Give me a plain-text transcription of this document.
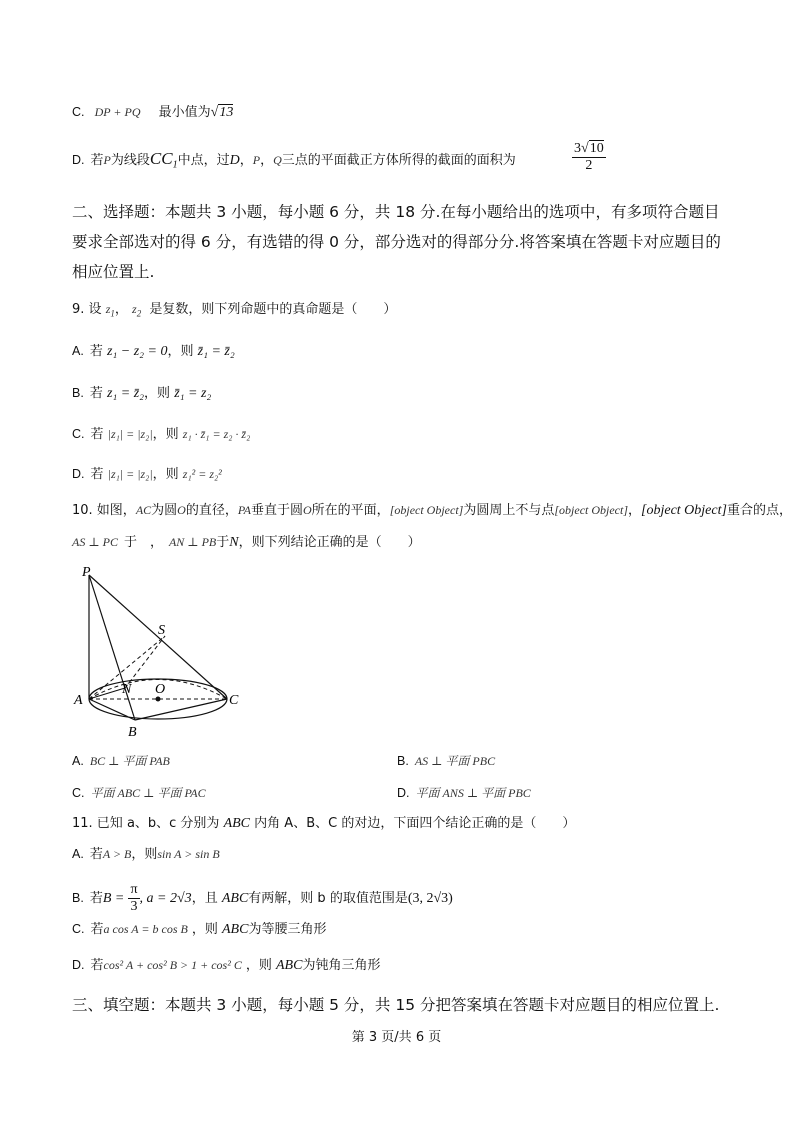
C. DP + PQ 最小值为√13
D. 若P为线段$CC_1$中点，过D，P，Q三点的平面截正方体所得的截面的面积为	$\frac{3√10}{2}$
二、选择题：本题共 3 小题，每小题 6 分，共 18 分.在每小题给出的选项中，有多项符合题目要求全部选对的得 6 分，有选错的得 0 分，部分选对的得部分分.将答案填在答题卡对应题目的相应位置上.
9. 设 $z_1$， $z_2$ 是复数，则下列命题中的真命题是（　　）
A. 若 z₁ − z₂ = 0，则 z̄₁ = z̄₂
B. 若 z₁ = z̄₂，则 z̄₁ = z₂
C. 若 |z₁| = |z₂|，则 z₁ · z̄₁ = z₂ · z̄₂
D. 若 |z₁| = |z₂|，则 z₁² = z₂²
10. 如图，AC为圆O的直径，PA垂直于圆O所在的平面，[object Object]为圆周上不与点[object Object]，[object Object]重合的点，
AS ⊥ PC 于　， AN ⊥ PB于N，则下列结论正确的是（　　）
P
S
N O
A	C
B
A. BC ⊥ 平面 PAB	B. AS ⊥ 平面 PBC
C. 平面 ABC ⊥ 平面 PAC	D. 平面 ANS ⊥ 平面 PBC
11. 已知 a、b、c 分别为 ABC 内角 A、B、C 的对边，下面四个结论正确的是（　　）
A. 若A > B，则sin A > sin B
B. 若$B = \frac{\pi}{3}$ , a = 2√3，且 ABC有两解，则 b 的取值范围是(3, 2√3)
C. 若a cos A = b cos B ，则 ABC为等腰三角形
D. 若cos² A + cos² B > 1 + cos² C ，则 ABC为钝角三角形
三、填空题：本题共 3 小题，每小题 5 分，共 15 分把答案填在答题卡对应题目的相应位置上.
第 3 页/共 6 页
